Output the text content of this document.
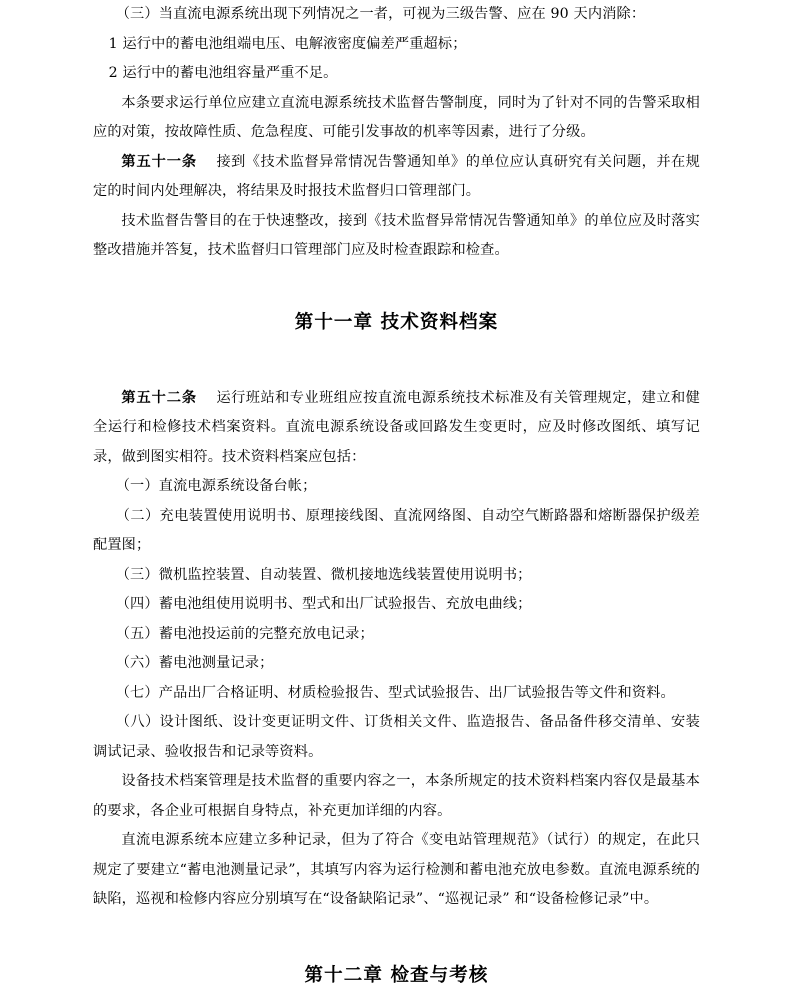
（三）当直流电源系统出现下列情况之一者，可视为三级告警、应在 90 天内消除：

1 运行中的蓄电池组端电压、电解液密度偏差严重超标；

2 运行中的蓄电池组容量严重不足。

本条要求运行单位应建立直流电源系统技术监督告警制度，同时为了针对不同的告警采取相应的对策，按故障性质、危急程度、可能引发事故的机率等因素，进行了分级。

第五十一条 接到《技术监督异常情况告警通知单》的单位应认真研究有关问题，并在规定的时间内处理解决，将结果及时报技术监督归口管理部门。

技术监督告警目的在于快速整改，接到《技术监督异常情况告警通知单》的单位应及时落实整改措施并答复，技术监督归口管理部门应及时检查跟踪和检查。

第十一章 技术资料档案

第五十二条 运行班站和专业班组应按直流电源系统技术标准及有关管理规定，建立和健全运行和检修技术档案资料。直流电源系统设备或回路发生变更时，应及时修改图纸、填写记录，做到图实相符。技术资料档案应包括：

（一）直流电源系统设备台帐；

（二）充电装置使用说明书、原理接线图、直流网络图、自动空气断路器和熔断器保护级差配置图；

（三）微机监控装置、自动装置、微机接地选线装置使用说明书；

（四）蓄电池组使用说明书、型式和出厂试验报告、充放电曲线；

（五）蓄电池投运前的完整充放电记录；

（六）蓄电池测量记录；

（七）产品出厂合格证明、材质检验报告、型式试验报告、出厂试验报告等文件和资料。

（八）设计图纸、设计变更证明文件、订货相关文件、监造报告、备品备件移交清单、安装调试记录、验收报告和记录等资料。

设备技术档案管理是技术监督的重要内容之一，本条所规定的技术资料档案内容仅是最基本的要求，各企业可根据自身特点，补充更加详细的内容。

直流电源系统本应建立多种记录，但为了符合《变电站管理规范》（试行）的规定，在此只规定了要建立“蓄电池测量记录”，其填写内容为运行检测和蓄电池充放电参数。直流电源系统的缺陷，巡视和检修内容应分别填写在“设备缺陷记录”、“巡视记录” 和“设备检修记录”中。

第十二章 检查与考核
